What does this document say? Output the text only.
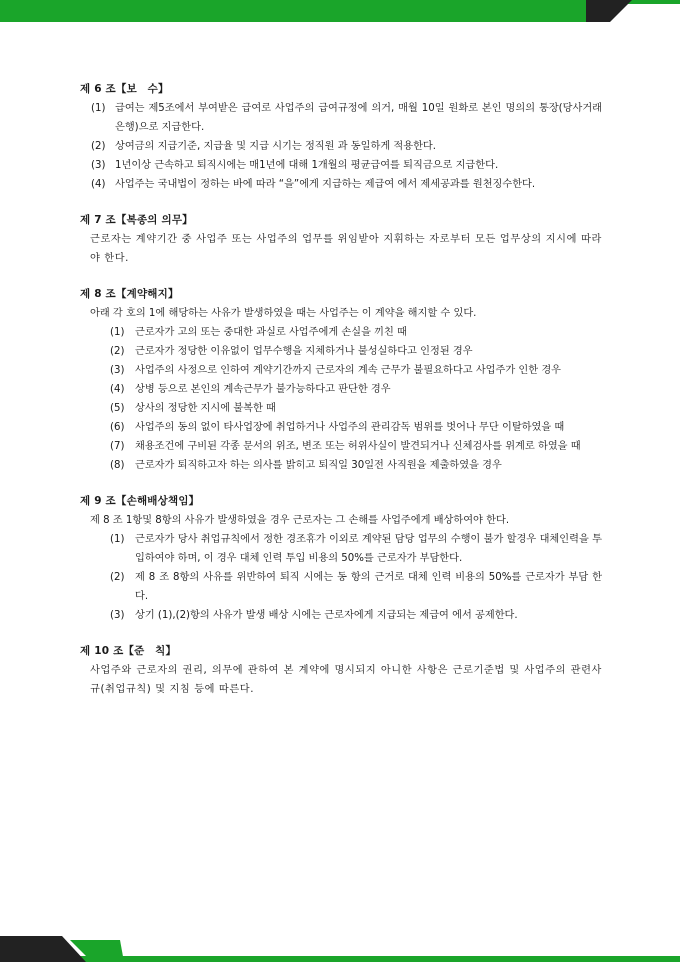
제 6 조【보　수】
(1) 급여는 제5조에서 부여받은 급여로 사업주의 급여규정에 의거, 매월 10일 원화로 본인 명의의 통장(당사거래은행)으로 지급한다.
(2) 상여금의 지급기준, 지급율 및 지급 시기는 정직원 과 동일하게 적용한다.
(3) 1년이상 근속하고 퇴직시에는 매1년에 대해 1개월의 평균급여를 퇴직금으로 지급한다.
(4) 사업주는 국내법이 정하는 바에 따라 “을”에게 지급하는 제급여 에서 제세공과를 원천징수한다.
제 7 조【복종의 의무】
근로자는 계약기간 중 사업주 또는 사업주의 업무를 위임받아 지휘하는 자로부터 모든 업무상의 지시에 따라야 한다.
제 8 조【계약해지】
아래 각 호의 1에 해당하는 사유가 발생하였을 때는 사업주는 이 계약을 해지할 수 있다.
(1) 근로자가 고의 또는 중대한 과실로 사업주에게 손실을 끼친 때
(2) 근로자가 정당한 이유없이 업무수행을 지체하거나 불성실하다고 인정된 경우
(3) 사업주의 사정으로 인하여 계약기간까지 근로자의 계속 근무가 불필요하다고 사업주가 인한 경우
(4) 상병 등으로 본인의 계속근무가 불가능하다고 판단한 경우
(5) 상사의 정당한 지시에 불복한 때
(6) 사업주의 동의 없이 타사업장에 취업하거나 사업주의 관리감독 범위를 벗어나 무단 이탈하였을 때
(7) 채용조건에 구비된 각종 문서의 위조, 변조 또는 허위사실이 발견되거나 신체검사를 위계로 하였을 때
(8) 근로자가 퇴직하고자 하는 의사를 밝히고 퇴직일 30일전 사직원을 제출하였을 경우
제 9 조【손해배상책임】
제 8 조 1항및 8항의 사유가 발생하였을 경우 근로자는 그 손해를 사업주에게 배상하여야 한다.
(1) 근로자가 당사 취업규칙에서 정한 경조휴가 이외로 계약된 담당 업무의 수행이 불가 할경우 대체인력을 투입하여야 하며, 이 경우 대체 인력 투입 비용의 50%를 근로자가 부담한다.
(2) 제 8 조 8항의 사유를 위반하여 퇴직 시에는 동 항의 근거로 대체 인력 비용의 50%를 근로자가 부담 한다.
(3) 상기 (1),(2)항의 사유가 발생 배상 시에는 근로자에게 지급되는 제급여 에서 공제한다.
제 10 조【준　칙】
사업주와 근로자의 권리, 의무에 관하여 본 계약에 명시되지 아니한 사항은 근로기준법 및 사업주의 관련사규(취업규칙) 및 지침 등에 따른다.
